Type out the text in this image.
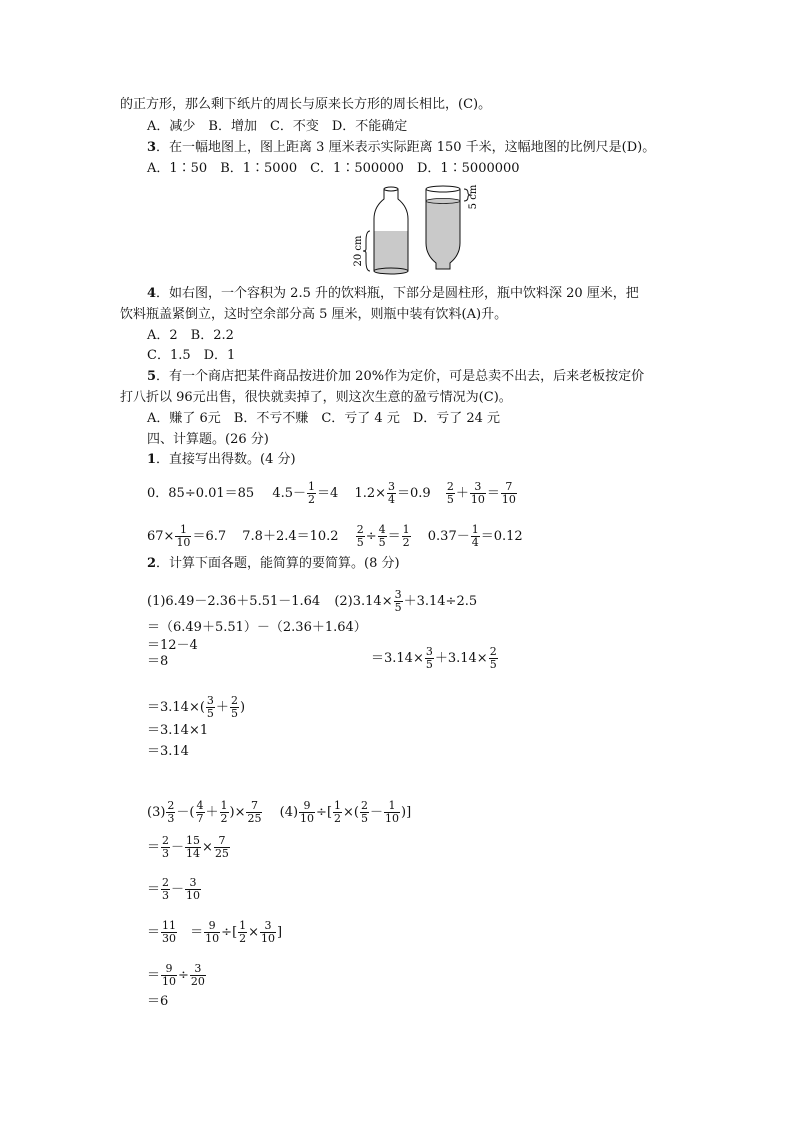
的正方形，那么剩下纸片的周长与原来长方形的周长相比，(C)。
A．减少　B．增加　C．不变　D．不能确定
3．在一幅地图上，图上距离 3 厘米表示实际距离 150 千米，这幅地图的比例尺是(D)。
A．1∶50　B．1∶5000　C．1∶500000　D．1∶5000000
20 cm
5 cm
4．如右图，一个容积为 2.5 升的饮料瓶，下部分是圆柱形，瓶中饮料深 20 厘米，把
饮料瓶盖紧倒立，这时空余部分高 5 厘米，则瓶中装有饮料(A)升。
A．2　B．2.2
C．1.5　D．1
5．有一个商店把某件商品按进价加 20%作为定价，可是总卖不出去，后来老板按定价
打八折以 96元出售，很快就卖掉了，则这次生意的盈亏情况为(C)。
A．赚了 6元　B．不亏不赚　C．亏了 4 元　D．亏了 24 元
四、计算题。(26 分)
1．直接写出得数。(4 分)
0．85÷0.01＝85 $4.5- \frac{1}{2} =4$ $1.2\times \frac{3}{4} =0.9 \frac{2}{5} + \frac{3}{10} = \frac{7}{10}$
$67\times \frac{1}{10} =6.7$ $7.8+2.4=10.2 \frac{2}{5} \div \frac{4}{5} = \frac{1}{2} 0.37- \frac{1}{4} =0.12$
2．计算下面各题，能简算的要简算。(8 分)
(1)6.49－2.36＋5.51－1.64 $(2)3.14\times \frac{3}{5} +3.14\div 2.5$
＝（6.49＋5.51）－（2.36＋1.64）
＝12－4
＝8	$=3.14\times \frac{3}{5} +3.14\times \frac{2}{5}$
$=3.14\times( \frac{3}{5} + \frac{2}{5}$ )
＝3.14×1
＝3.14
$(3) \frac{2}{3}$ －( $\frac{4}{7} + \frac{1}{2}$ )× $\frac{7}{25} (4) \frac{9}{10}$ ÷[ $\frac{1}{2}$ ×( $\frac{2}{5} - \frac{1}{10}$ )]
＝ $\frac{2}{3} - \frac{15}{14} \times \frac{7}{25}$
＝ $\frac{2}{3} - \frac{3}{10}$
＝ $\frac{11}{30} = \frac{9}{10}$ ÷[ $\frac{1}{2} \times \frac{3}{10}$ ]
＝ $\frac{9}{10} \div \frac{3}{20}$
＝6
